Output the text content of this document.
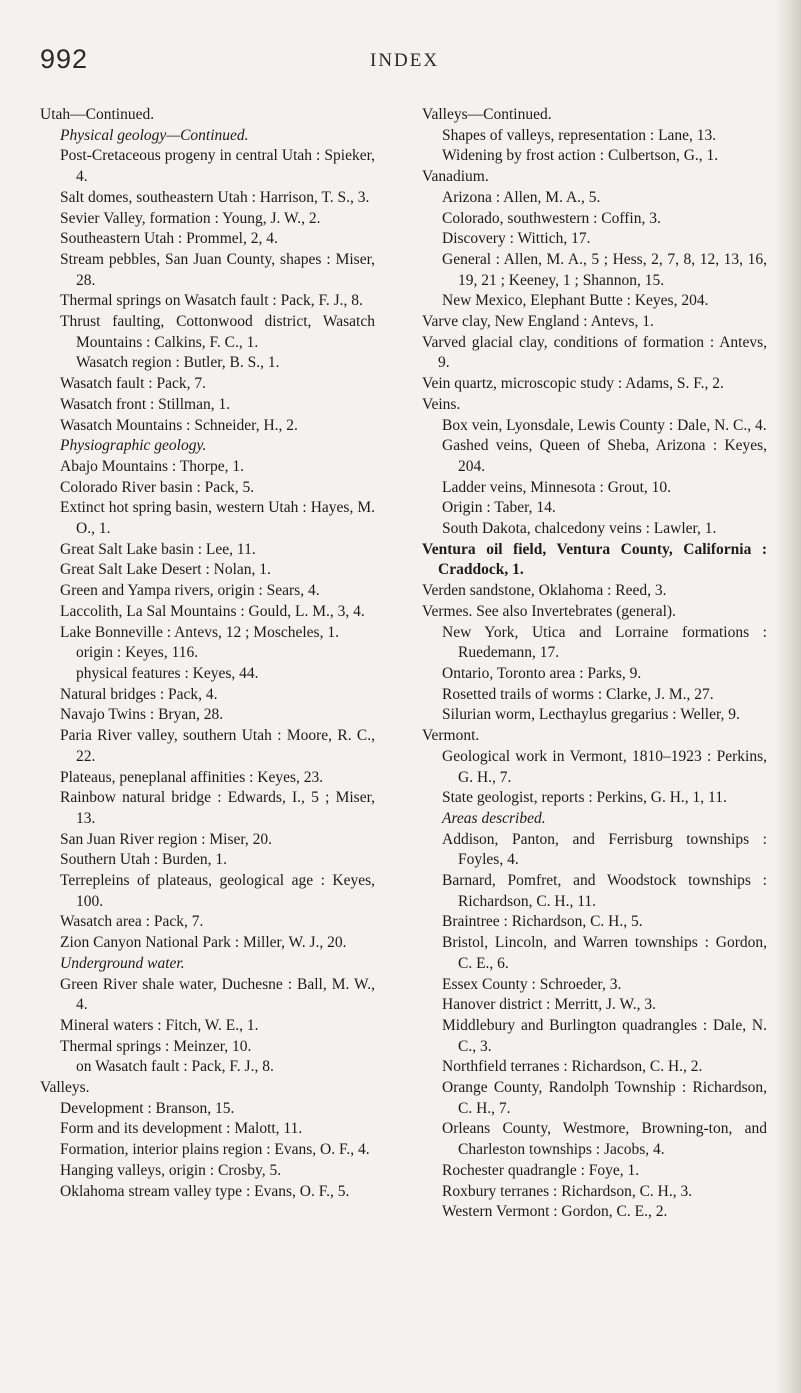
992	INDEX
Utah—Continued.
Physical geology—Continued.
Post-Cretaceous progeny in central Utah : Spieker, 4.
Salt domes, southeastern Utah : Harrison, T. S., 3.
Sevier Valley, formation : Young, J. W., 2.
Southeastern Utah : Prommel, 2, 4.
Stream pebbles, San Juan County, shapes : Miser, 28.
Thermal springs on Wasatch fault : Pack, F. J., 8.
Thrust faulting, Cottonwood district, Wasatch Mountains : Calkins, F. C., 1.
Wasatch region : Butler, B. S., 1.
Wasatch fault : Pack, 7.
Wasatch front : Stillman, 1.
Wasatch Mountains : Schneider, H., 2.
Physiographic geology.
Abajo Mountains : Thorpe, 1.
Colorado River basin : Pack, 5.
Extinct hot spring basin, western Utah : Hayes, M. O., 1.
Great Salt Lake basin : Lee, 11.
Great Salt Lake Desert : Nolan, 1.
Green and Yampa rivers, origin : Sears, 4.
Laccolith, La Sal Mountains : Gould, L. M., 3, 4.
Lake Bonneville : Antevs, 12 ; Moscheles, 1.
origin : Keyes, 116.
physical features : Keyes, 44.
Natural bridges : Pack, 4.
Navajo Twins : Bryan, 28.
Paria River valley, southern Utah : Moore, R. C., 22.
Plateaus, peneplanal affinities : Keyes, 23.
Rainbow natural bridge : Edwards, I., 5 ; Miser, 13.
San Juan River region : Miser, 20.
Southern Utah : Burden, 1.
Terrepleins of plateaus, geological age : Keyes, 100.
Wasatch area : Pack, 7.
Zion Canyon National Park : Miller, W. J., 20.
Underground water.
Green River shale water, Duchesne : Ball, M. W., 4.
Mineral waters : Fitch, W. E., 1.
Thermal springs : Meinzer, 10.
on Wasatch fault : Pack, F. J., 8.
Valleys.
Development : Branson, 15.
Form and its development : Malott, 11.
Formation, interior plains region : Evans, O. F., 4.
Hanging valleys, origin : Crosby, 5.
Oklahoma stream valley type : Evans, O. F., 5.
Valleys—Continued.
Shapes of valleys, representation : Lane, 13.
Widening by frost action : Culbertson, G., 1.
Vanadium.
Arizona : Allen, M. A., 5.
Colorado, southwestern : Coffin, 3.
Discovery : Wittich, 17.
General : Allen, M. A., 5 ; Hess, 2, 7, 8, 12, 13, 16, 19, 21 ; Keeney, 1 ; Shannon, 15.
New Mexico, Elephant Butte : Keyes, 204.
Varve clay, New England : Antevs, 1.
Varved glacial clay, conditions of formation : Antevs, 9.
Vein quartz, microscopic study : Adams, S. F., 2.
Veins.
Box vein, Lyonsdale, Lewis County : Dale, N. C., 4.
Gashed veins, Queen of Sheba, Arizona : Keyes, 204.
Ladder veins, Minnesota : Grout, 10.
Origin : Taber, 14.
South Dakota, chalcedony veins : Lawler, 1.
Ventura oil field, Ventura County, California : Craddock, 1.
Verden sandstone, Oklahoma : Reed, 3.
Vermes. See also Invertebrates (general).
New York, Utica and Lorraine formations : Ruedemann, 17.
Ontario, Toronto area : Parks, 9.
Rosetted trails of worms : Clarke, J. M., 27.
Silurian worm, Lecthaylus gregarius : Weller, 9.
Vermont.
Geological work in Vermont, 1810–1923 : Perkins, G. H., 7.
State geologist, reports : Perkins, G. H., 1, 11.
Areas described.
Addison, Panton, and Ferrisburg townships : Foyles, 4.
Barnard, Pomfret, and Woodstock townships : Richardson, C. H., 11.
Braintree : Richardson, C. H., 5.
Bristol, Lincoln, and Warren townships : Gordon, C. E., 6.
Essex County : Schroeder, 3.
Hanover district : Merritt, J. W., 3.
Middlebury and Burlington quadrangles : Dale, N. C., 3.
Northfield terranes : Richardson, C. H., 2.
Orange County, Randolph Township : Richardson, C. H., 7.
Orleans County, Westmore, Browning-ton, and Charleston townships : Jacobs, 4.
Rochester quadrangle : Foye, 1.
Roxbury terranes : Richardson, C. H., 3.
Western Vermont : Gordon, C. E., 2.
